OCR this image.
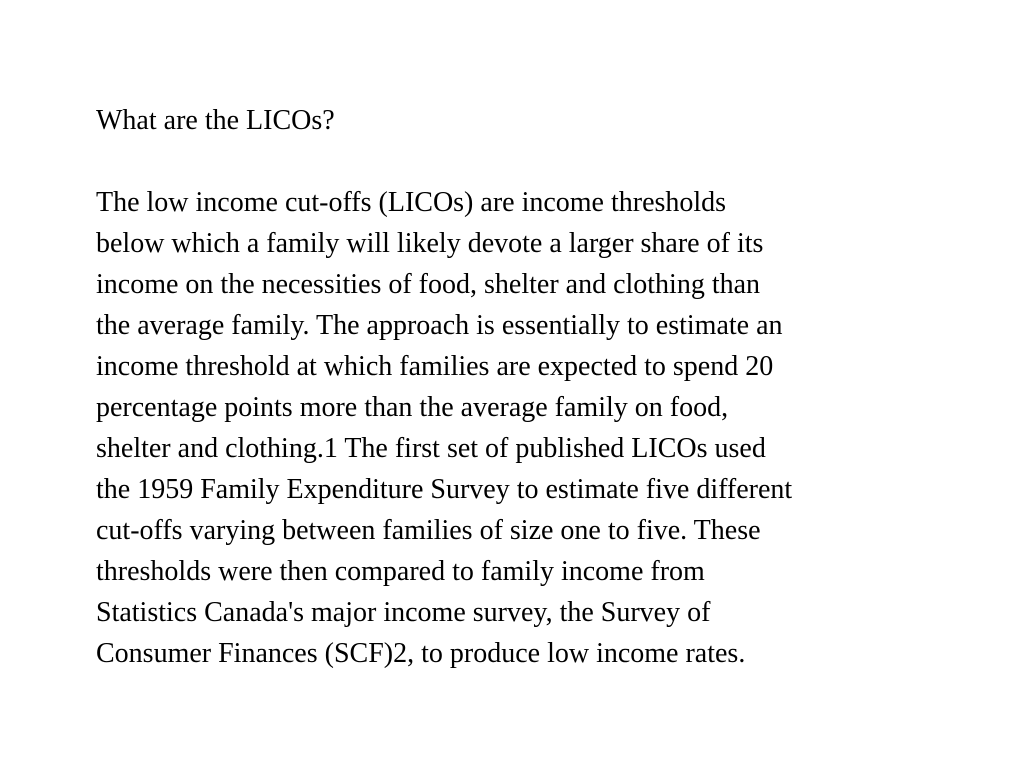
What are the LICOs?

The low income cut-offs (LICOs) are income thresholds
below which a family will likely devote a larger share of its
income on the necessities of food, shelter and clothing than
the average family. The approach is essentially to estimate an
income threshold at which families are expected to spend 20
percentage points more than the average family on food,
shelter and clothing.1 The first set of published LICOs used
the 1959 Family Expenditure Survey to estimate five different
cut-offs varying between families of size one to five. These
thresholds were then compared to family income from
Statistics Canada's major income survey, the Survey of
Consumer Finances (SCF)2, to produce low income rates.
